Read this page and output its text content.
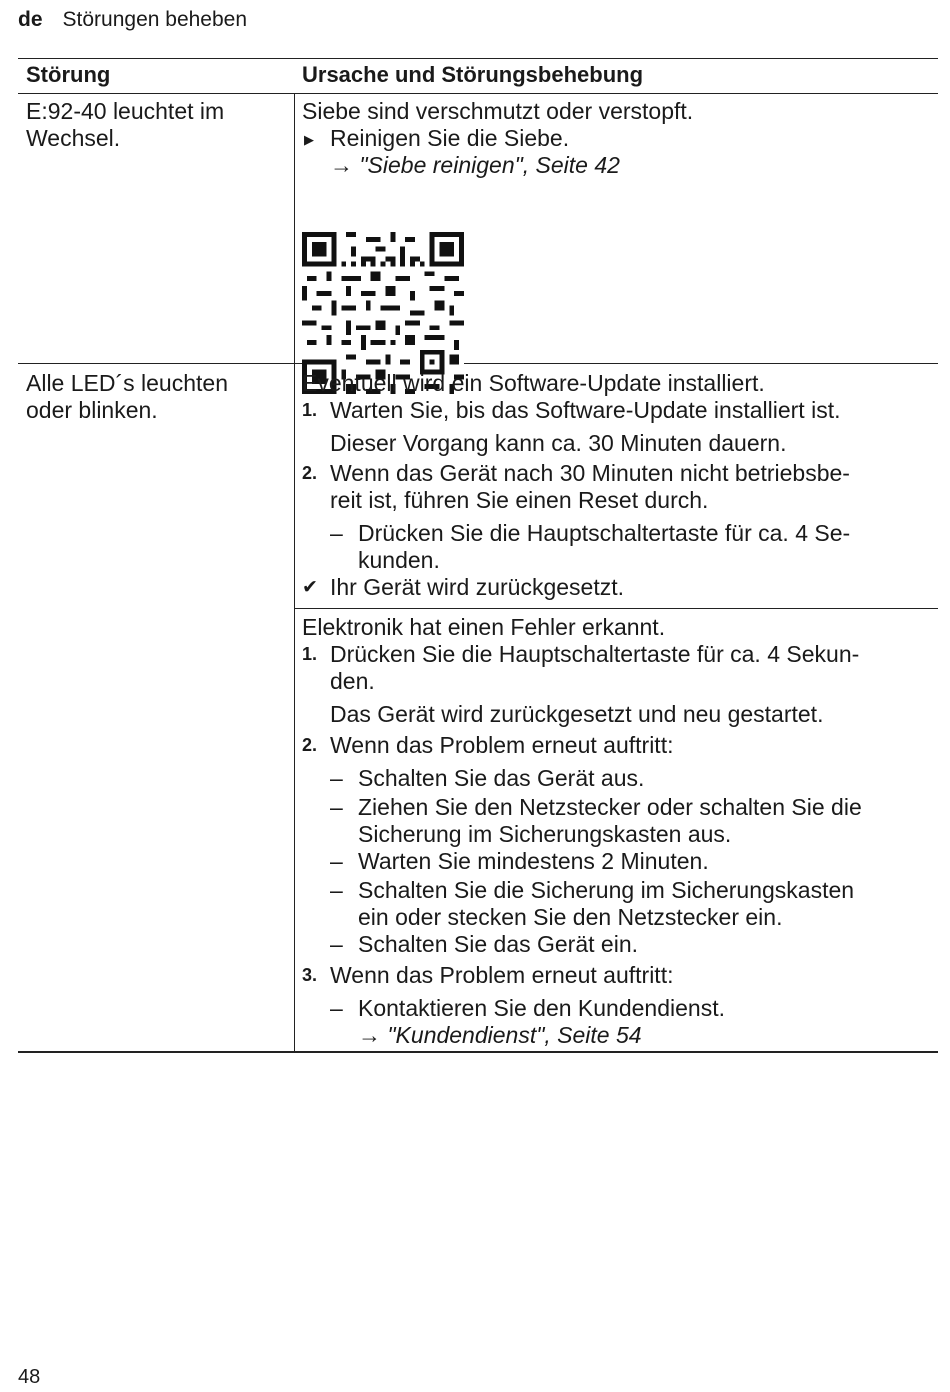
de Störungen beheben
Störung	Ursache und Störungsbehebung
E:92-40 leuchtet im
Wechsel.
Siebe sind verschmutzt oder verstopft.
▶ Reinigen Sie die Siebe.
→ "Siebe reinigen", Seite 42
Alle LED´s leuchten
oder blinken.
Eventuell wird ein Software-Update installiert.
1. Warten Sie, bis das Software-Update installiert ist.
Dieser Vorgang kann ca. 30 Minuten dauern.
2. Wenn das Gerät nach 30 Minuten nicht betriebsbe-
reit ist, führen Sie einen Reset durch.
– Drücken Sie die Hauptschaltertaste für ca. 4 Se-
kunden.
✔ Ihr Gerät wird zurückgesetzt.
Elektronik hat einen Fehler erkannt.
1. Drücken Sie die Hauptschaltertaste für ca. 4 Sekun-
den.
Das Gerät wird zurückgesetzt und neu gestartet.
2. Wenn das Problem erneut auftritt:
– Schalten Sie das Gerät aus.
– Ziehen Sie den Netzstecker oder schalten Sie die
Sicherung im Sicherungskasten aus.
– Warten Sie mindestens 2 Minuten.
– Schalten Sie die Sicherung im Sicherungskasten
ein oder stecken Sie den Netzstecker ein.
– Schalten Sie das Gerät ein.
3. Wenn das Problem erneut auftritt:
– Kontaktieren Sie den Kundendienst.
→ "Kundendienst", Seite 54
48
